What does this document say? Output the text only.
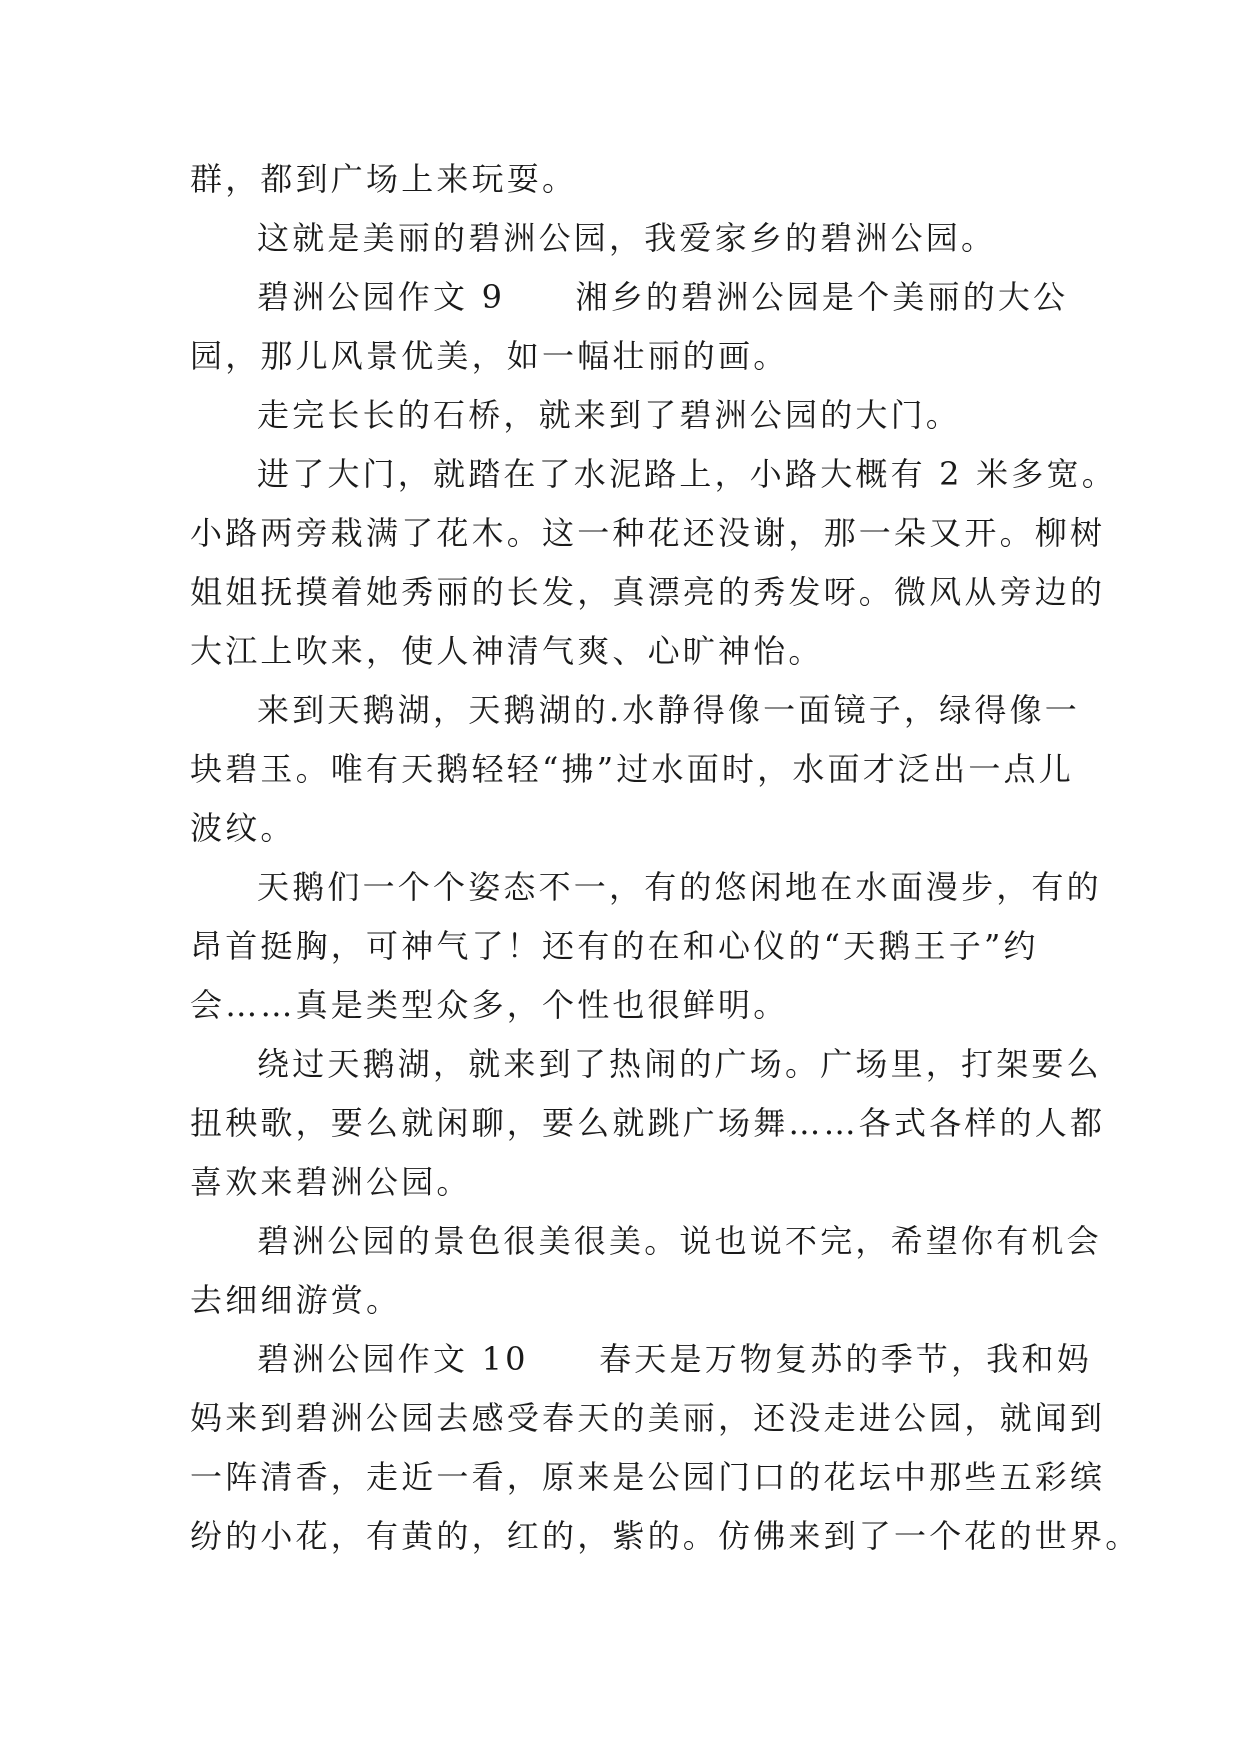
群，都到广场上来玩耍。
这就是美丽的碧洲公园，我爱家乡的碧洲公园。
碧洲公园作文 9　　湘乡的碧洲公园是个美丽的大公
园，那儿风景优美，如一幅壮丽的画。
走完长长的石桥，就来到了碧洲公园的大门。
进了大门，就踏在了水泥路上，小路大概有 2 米多宽。
小路两旁栽满了花木。这一种花还没谢，那一朵又开。柳树
姐姐抚摸着她秀丽的长发，真漂亮的秀发呀。微风从旁边的
大江上吹来，使人神清气爽、心旷神怡。
来到天鹅湖，天鹅湖的.水静得像一面镜子，绿得像一
块碧玉。唯有天鹅轻轻“拂”过水面时，水面才泛出一点儿
波纹。
天鹅们一个个姿态不一，有的悠闲地在水面漫步，有的
昂首挺胸，可神气了！还有的在和心仪的“天鹅王子”约
会……真是类型众多，个性也很鲜明。
绕过天鹅湖，就来到了热闹的广场。广场里，打架要么
扭秧歌，要么就闲聊，要么就跳广场舞……各式各样的人都
喜欢来碧洲公园。
碧洲公园的景色很美很美。说也说不完，希望你有机会
去细细游赏。
碧洲公园作文 10　　春天是万物复苏的季节，我和妈
妈来到碧洲公园去感受春天的美丽，还没走进公园，就闻到
一阵清香，走近一看，原来是公园门口的花坛中那些五彩缤
纷的小花，有黄的，红的，紫的。仿佛来到了一个花的世界。
